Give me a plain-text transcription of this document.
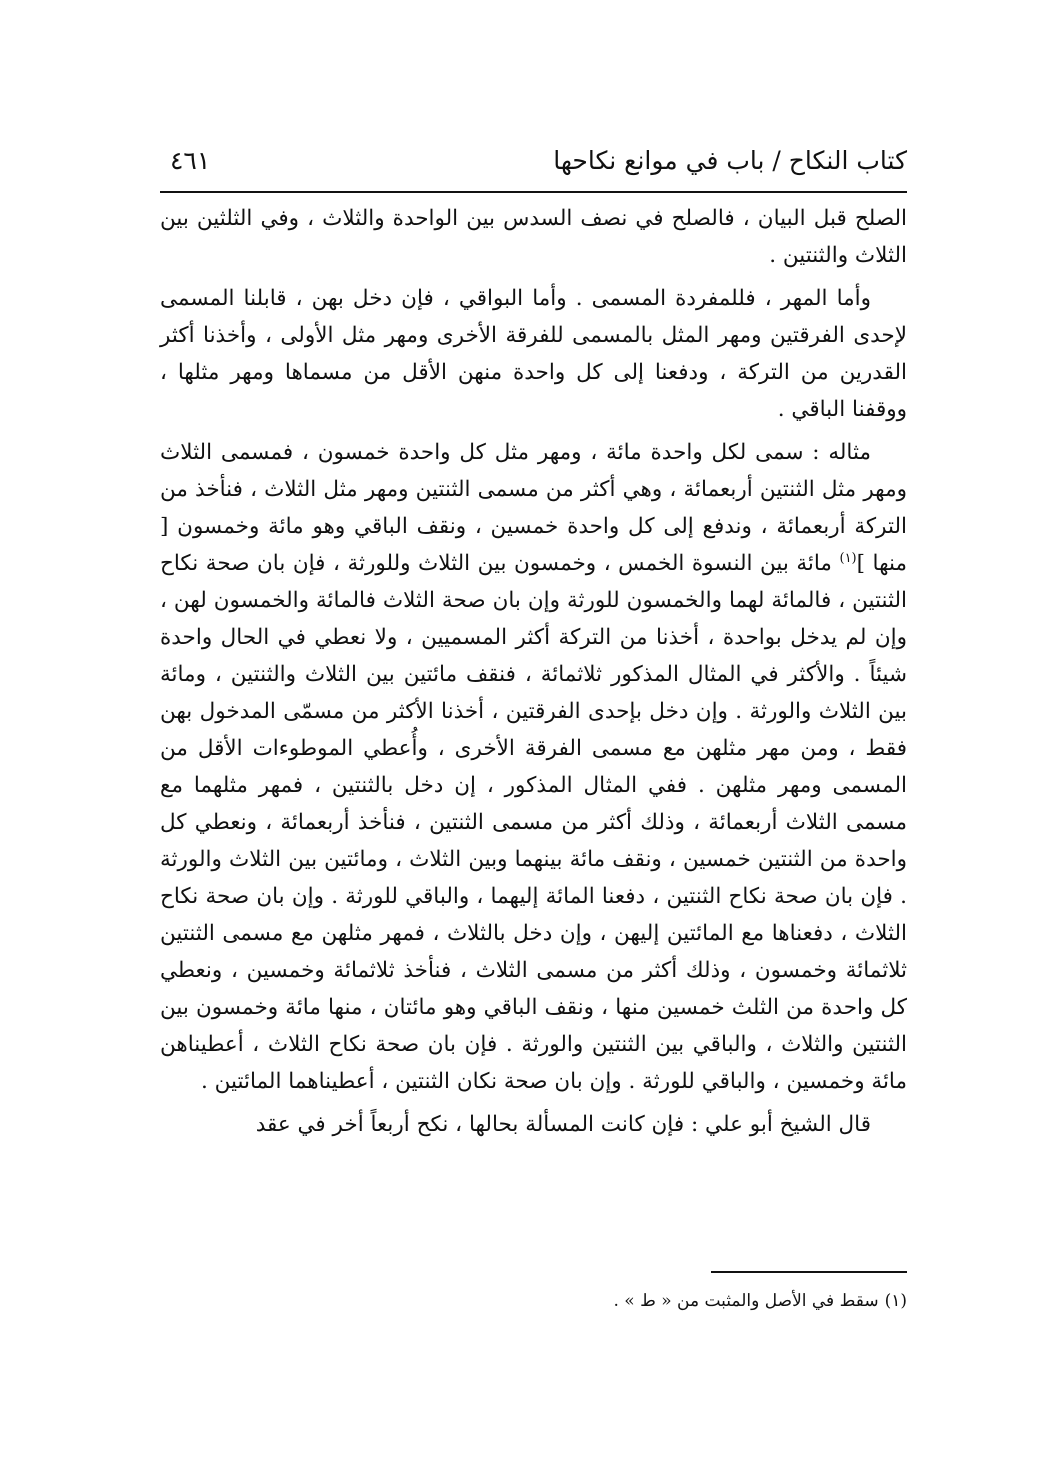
كتاب النكاح / باب في موانع نكاحها
٤٦١

الصلح قبل البيان ، فالصلح في نصف السدس بين الواحدة والثلاث ، وفي الثلثين بين الثلاث والثنتين .

وأما المهر ، فللمفردة المسمى . وأما البواقي ، فإن دخل بهن ، قابلنا المسمى لإحدى الفرقتين ومهر المثل بالمسمى للفرقة الأخرى ومهر مثل الأولى ، وأخذنا أكثر القدرين من التركة ، ودفعنا إلى كل واحدة منهن الأقل من مسماها ومهر مثلها ، ووقفنا الباقي .

مثاله : سمى لكل واحدة مائة ، ومهر مثل كل واحدة خمسون ، فمسمى الثلاث ومهر مثل الثنتين أربعمائة ، وهي أكثر من مسمى الثنتين ومهر مثل الثلاث ، فنأخذ من التركة أربعمائة ، وندفع إلى كل واحدة خمسين ، ونقف الباقي وهو مائة وخمسون [ منها ]$^{(١)}$ مائة بين النسوة الخمس ، وخمسون بين الثلاث وللورثة ، فإن بان صحة نكاح الثنتين ، فالمائة لهما والخمسون للورثة وإن بان صحة الثلاث فالمائة والخمسون لهن ، وإن لم يدخل بواحدة ، أخذنا من التركة أكثر المسميين ، ولا نعطي في الحال واحدة شيئاً . والأكثر في المثال المذكور ثلاثمائة ، فنقف مائتين بين الثلاث والثنتين ، ومائة بين الثلاث والورثة . وإن دخل بإحدى الفرقتين ، أخذنا الأكثر من مسمّى المدخول بهن فقط ، ومن مهر مثلهن مع مسمى الفرقة الأخرى ، وأُعطي الموطوءات الأقل من المسمى ومهر مثلهن . ففي المثال المذكور ، إن دخل بالثنتين ، فمهر مثلهما مع مسمى الثلاث أربعمائة ، وذلك أكثر من مسمى الثنتين ، فنأخذ أربعمائة ، ونعطي كل واحدة من الثنتين خمسين ، ونقف مائة بينهما وبين الثلاث ، ومائتين بين الثلاث والورثة . فإن بان صحة نكاح الثنتين ، دفعنا المائة إليهما ، والباقي للورثة . وإن بان صحة نكاح الثلاث ، دفعناها مع المائتين إليهن ، وإن دخل بالثلاث ، فمهر مثلهن مع مسمى الثنتين ثلاثمائة وخمسون ، وذلك أكثر من مسمى الثلاث ، فنأخذ ثلاثمائة وخمسين ، ونعطي كل واحدة من الثلث خمسين منها ، ونقف الباقي وهو مائتان ، منها مائة وخمسون بين الثنتين والثلاث ، والباقي بين الثنتين والورثة . فإن بان صحة نكاح الثلاث ، أعطيناهن مائة وخمسين ، والباقي للورثة . وإن بان صحة نكان الثنتين ، أعطيناهما المائتين .

قال الشيخ أبو علي : فإن كانت المسألة بحالها ، نكح أربعاً أخر في عقد

(١)سقط في الأصل والمثبت من « ط » .
